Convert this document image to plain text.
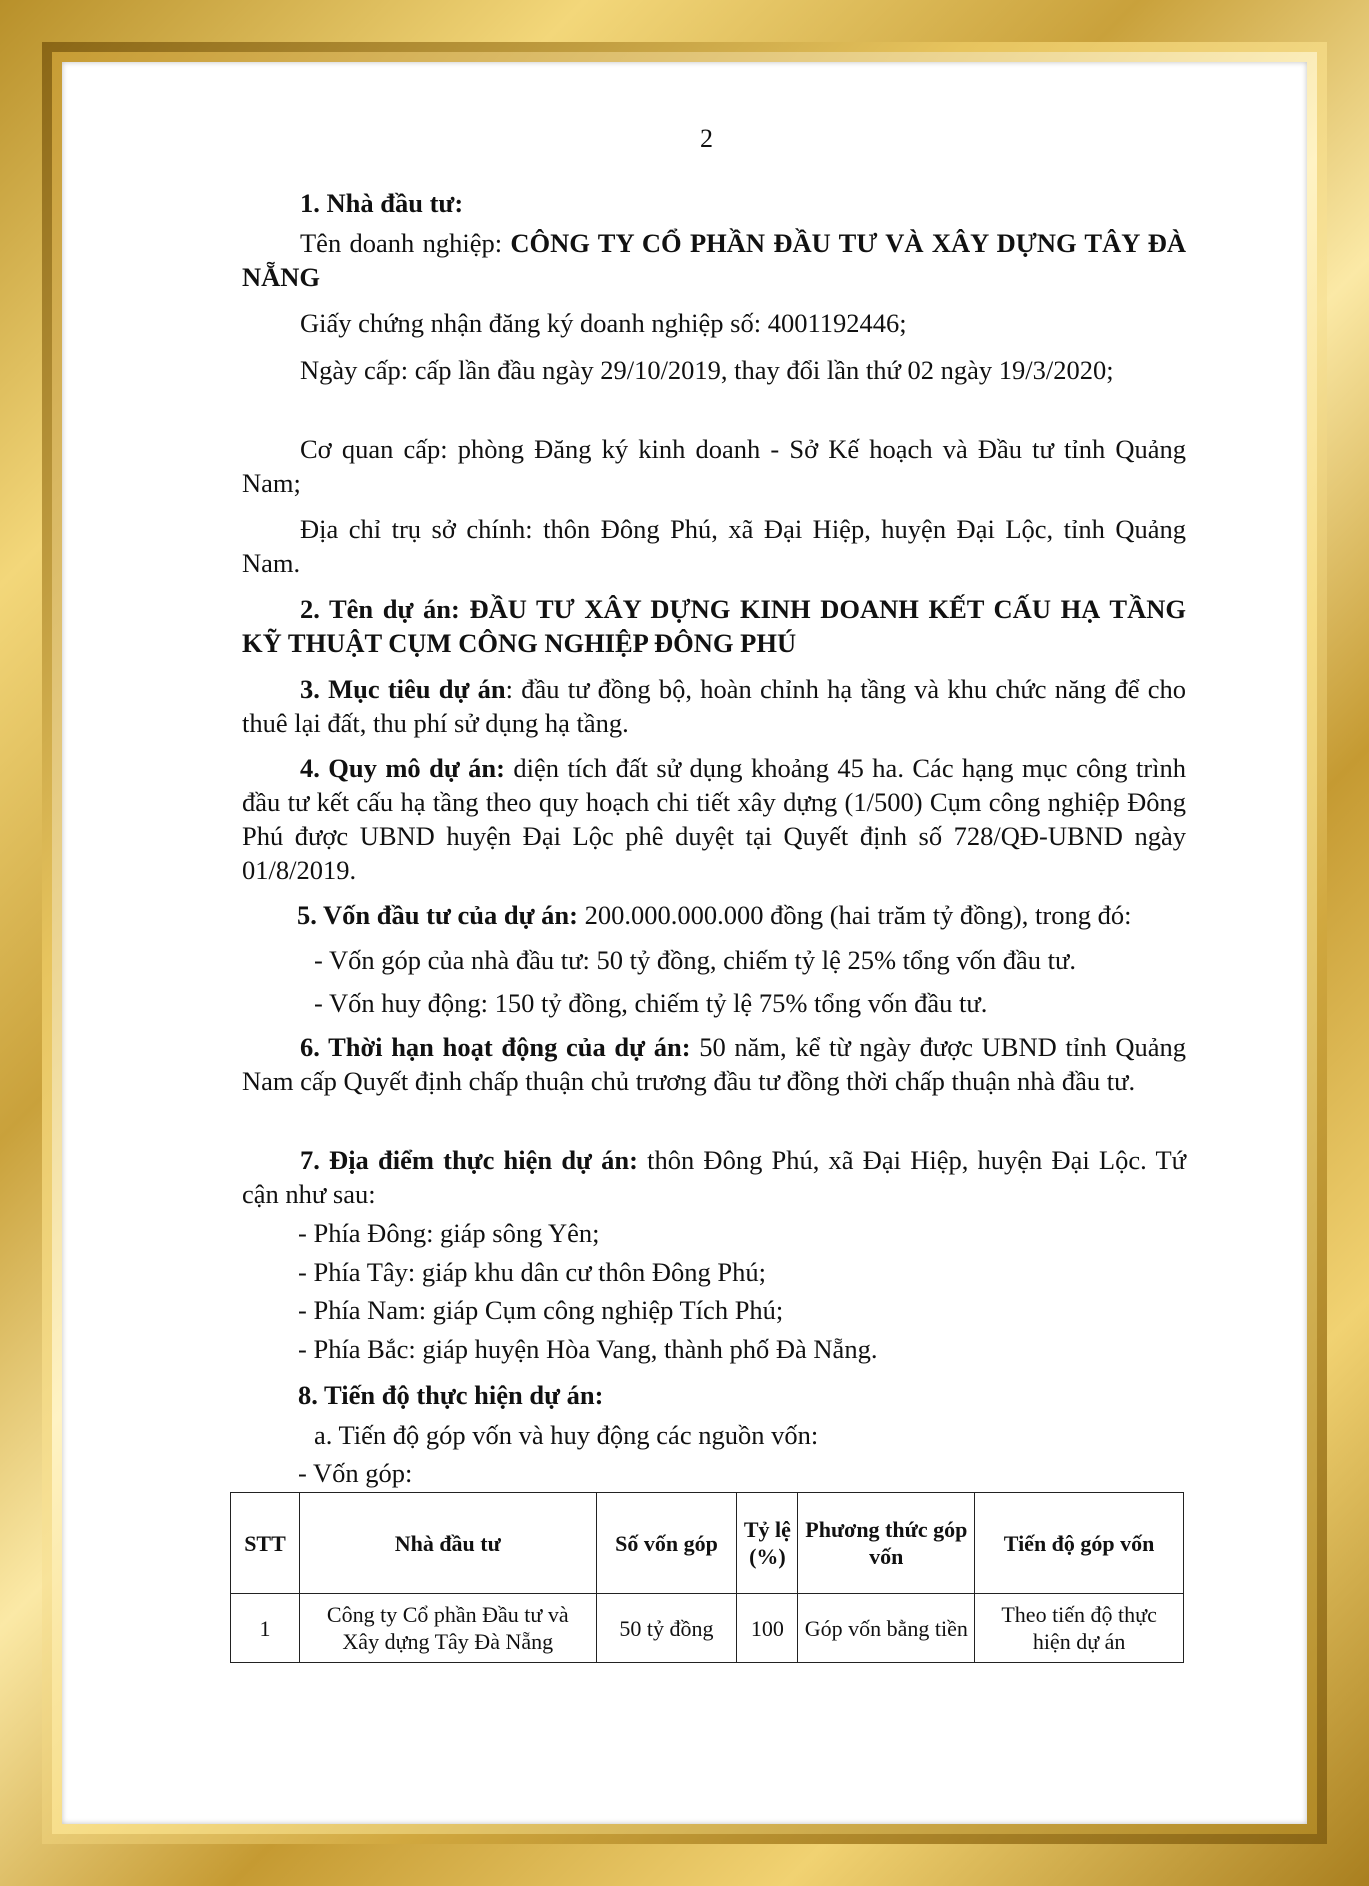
2
1. Nhà đầu tư:
Tên doanh nghiệp: CÔNG TY CỔ PHẦN ĐẦU TƯ VÀ XÂY DỰNG TÂY ĐÀ NẴNG
Giấy chứng nhận đăng ký doanh nghiệp số: 4001192446;
Ngày cấp: cấp lần đầu ngày 29/10/2019, thay đổi lần thứ 02 ngày 19/3/2020;
Cơ quan cấp: phòng Đăng ký kinh doanh - Sở Kế hoạch và Đầu tư tỉnh Quảng Nam;
Địa chỉ trụ sở chính: thôn Đông Phú, xã Đại Hiệp, huyện Đại Lộc, tỉnh Quảng Nam.
2. Tên dự án: ĐẦU TƯ XÂY DỰNG KINH DOANH KẾT CẤU HẠ TẦNG KỸ THUẬT CỤM CÔNG NGHIỆP ĐÔNG PHÚ
3. Mục tiêu dự án: đầu tư đồng bộ, hoàn chỉnh hạ tầng và khu chức năng để cho thuê lại đất, thu phí sử dụng hạ tầng.
4. Quy mô dự án: diện tích đất sử dụng khoảng 45 ha. Các hạng mục công trình đầu tư kết cấu hạ tầng theo quy hoạch chi tiết xây dựng (1/500) Cụm công nghiệp Đông Phú được UBND huyện Đại Lộc phê duyệt tại Quyết định số 728/QĐ-UBND ngày 01/8/2019.
5. Vốn đầu tư của dự án: 200.000.000.000 đồng (hai trăm tỷ đồng), trong đó:
- Vốn góp của nhà đầu tư: 50 tỷ đồng, chiếm tỷ lệ 25% tổng vốn đầu tư.
- Vốn huy động: 150 tỷ đồng, chiếm tỷ lệ 75% tổng vốn đầu tư.
6. Thời hạn hoạt động của dự án: 50 năm, kể từ ngày được UBND tỉnh Quảng Nam cấp Quyết định chấp thuận chủ trương đầu tư đồng thời chấp thuận nhà đầu tư.
7. Địa điểm thực hiện dự án: thôn Đông Phú, xã Đại Hiệp, huyện Đại Lộc. Tứ cận như sau:
- Phía Đông: giáp sông Yên;
- Phía Tây: giáp khu dân cư thôn Đông Phú;
- Phía Nam: giáp Cụm công nghiệp Tích Phú;
- Phía Bắc: giáp huyện Hòa Vang, thành phố Đà Nẵng.
8. Tiến độ thực hiện dự án:
a. Tiến độ góp vốn và huy động các nguồn vốn:
- Vốn góp:
STT	Nhà đầu tư	Số vốn góp	Tỷ lệ (%)	Phương thức góp vốn	Tiến độ góp vốn
1	Công ty Cổ phần Đầu tư và Xây dựng Tây Đà Nẵng	50 tỷ đồng	100	Góp vốn bằng tiền	Theo tiến độ thực hiện dự án
